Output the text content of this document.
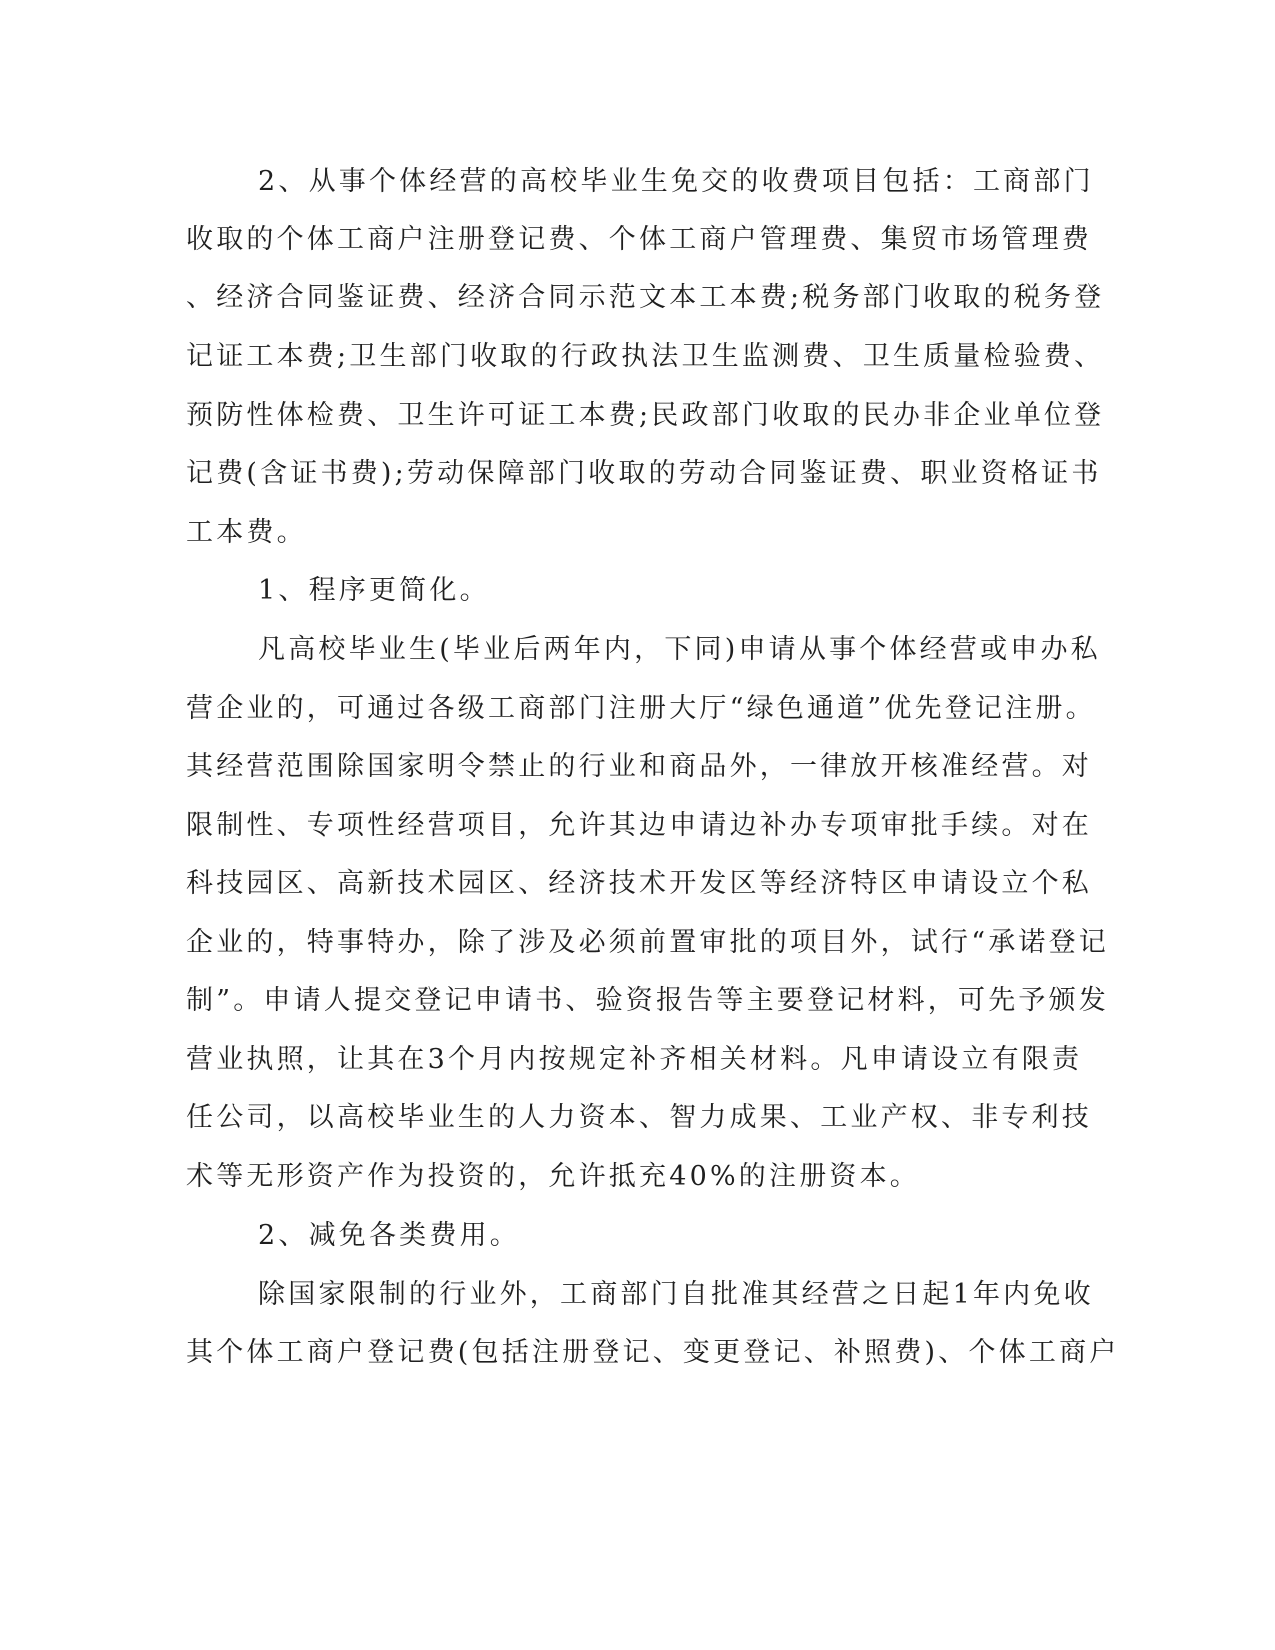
2、从事个体经营的高校毕业生免交的收费项目包括：工商部门

收取的个体工商户注册登记费、个体工商户管理费、集贸市场管理费

、经济合同鉴证费、经济合同示范文本工本费;税务部门收取的税务登

记证工本费;卫生部门收取的行政执法卫生监测费、卫生质量检验费、

预防性体检费、卫生许可证工本费;民政部门收取的民办非企业单位登

记费(含证书费);劳动保障部门收取的劳动合同鉴证费、职业资格证书

工本费。

1、程序更简化。

凡高校毕业生(毕业后两年内，下同)申请从事个体经营或申办私

营企业的，可通过各级工商部门注册大厅“绿色通道”优先登记注册。

其经营范围除国家明令禁止的行业和商品外，一律放开核准经营。对

限制性、专项性经营项目，允许其边申请边补办专项审批手续。对在

科技园区、高新技术园区、经济技术开发区等经济特区申请设立个私

企业的，特事特办，除了涉及必须前置审批的项目外，试行“承诺登记

制”。申请人提交登记申请书、验资报告等主要登记材料，可先予颁发

营业执照，让其在3个月内按规定补齐相关材料。凡申请设立有限责

任公司，以高校毕业生的人力资本、智力成果、工业产权、非专利技

术等无形资产作为投资的，允许抵充40%的注册资本。

2、减免各类费用。

除国家限制的行业外，工商部门自批准其经营之日起1年内免收

其个体工商户登记费(包括注册登记、变更登记、补照费)、个体工商户
